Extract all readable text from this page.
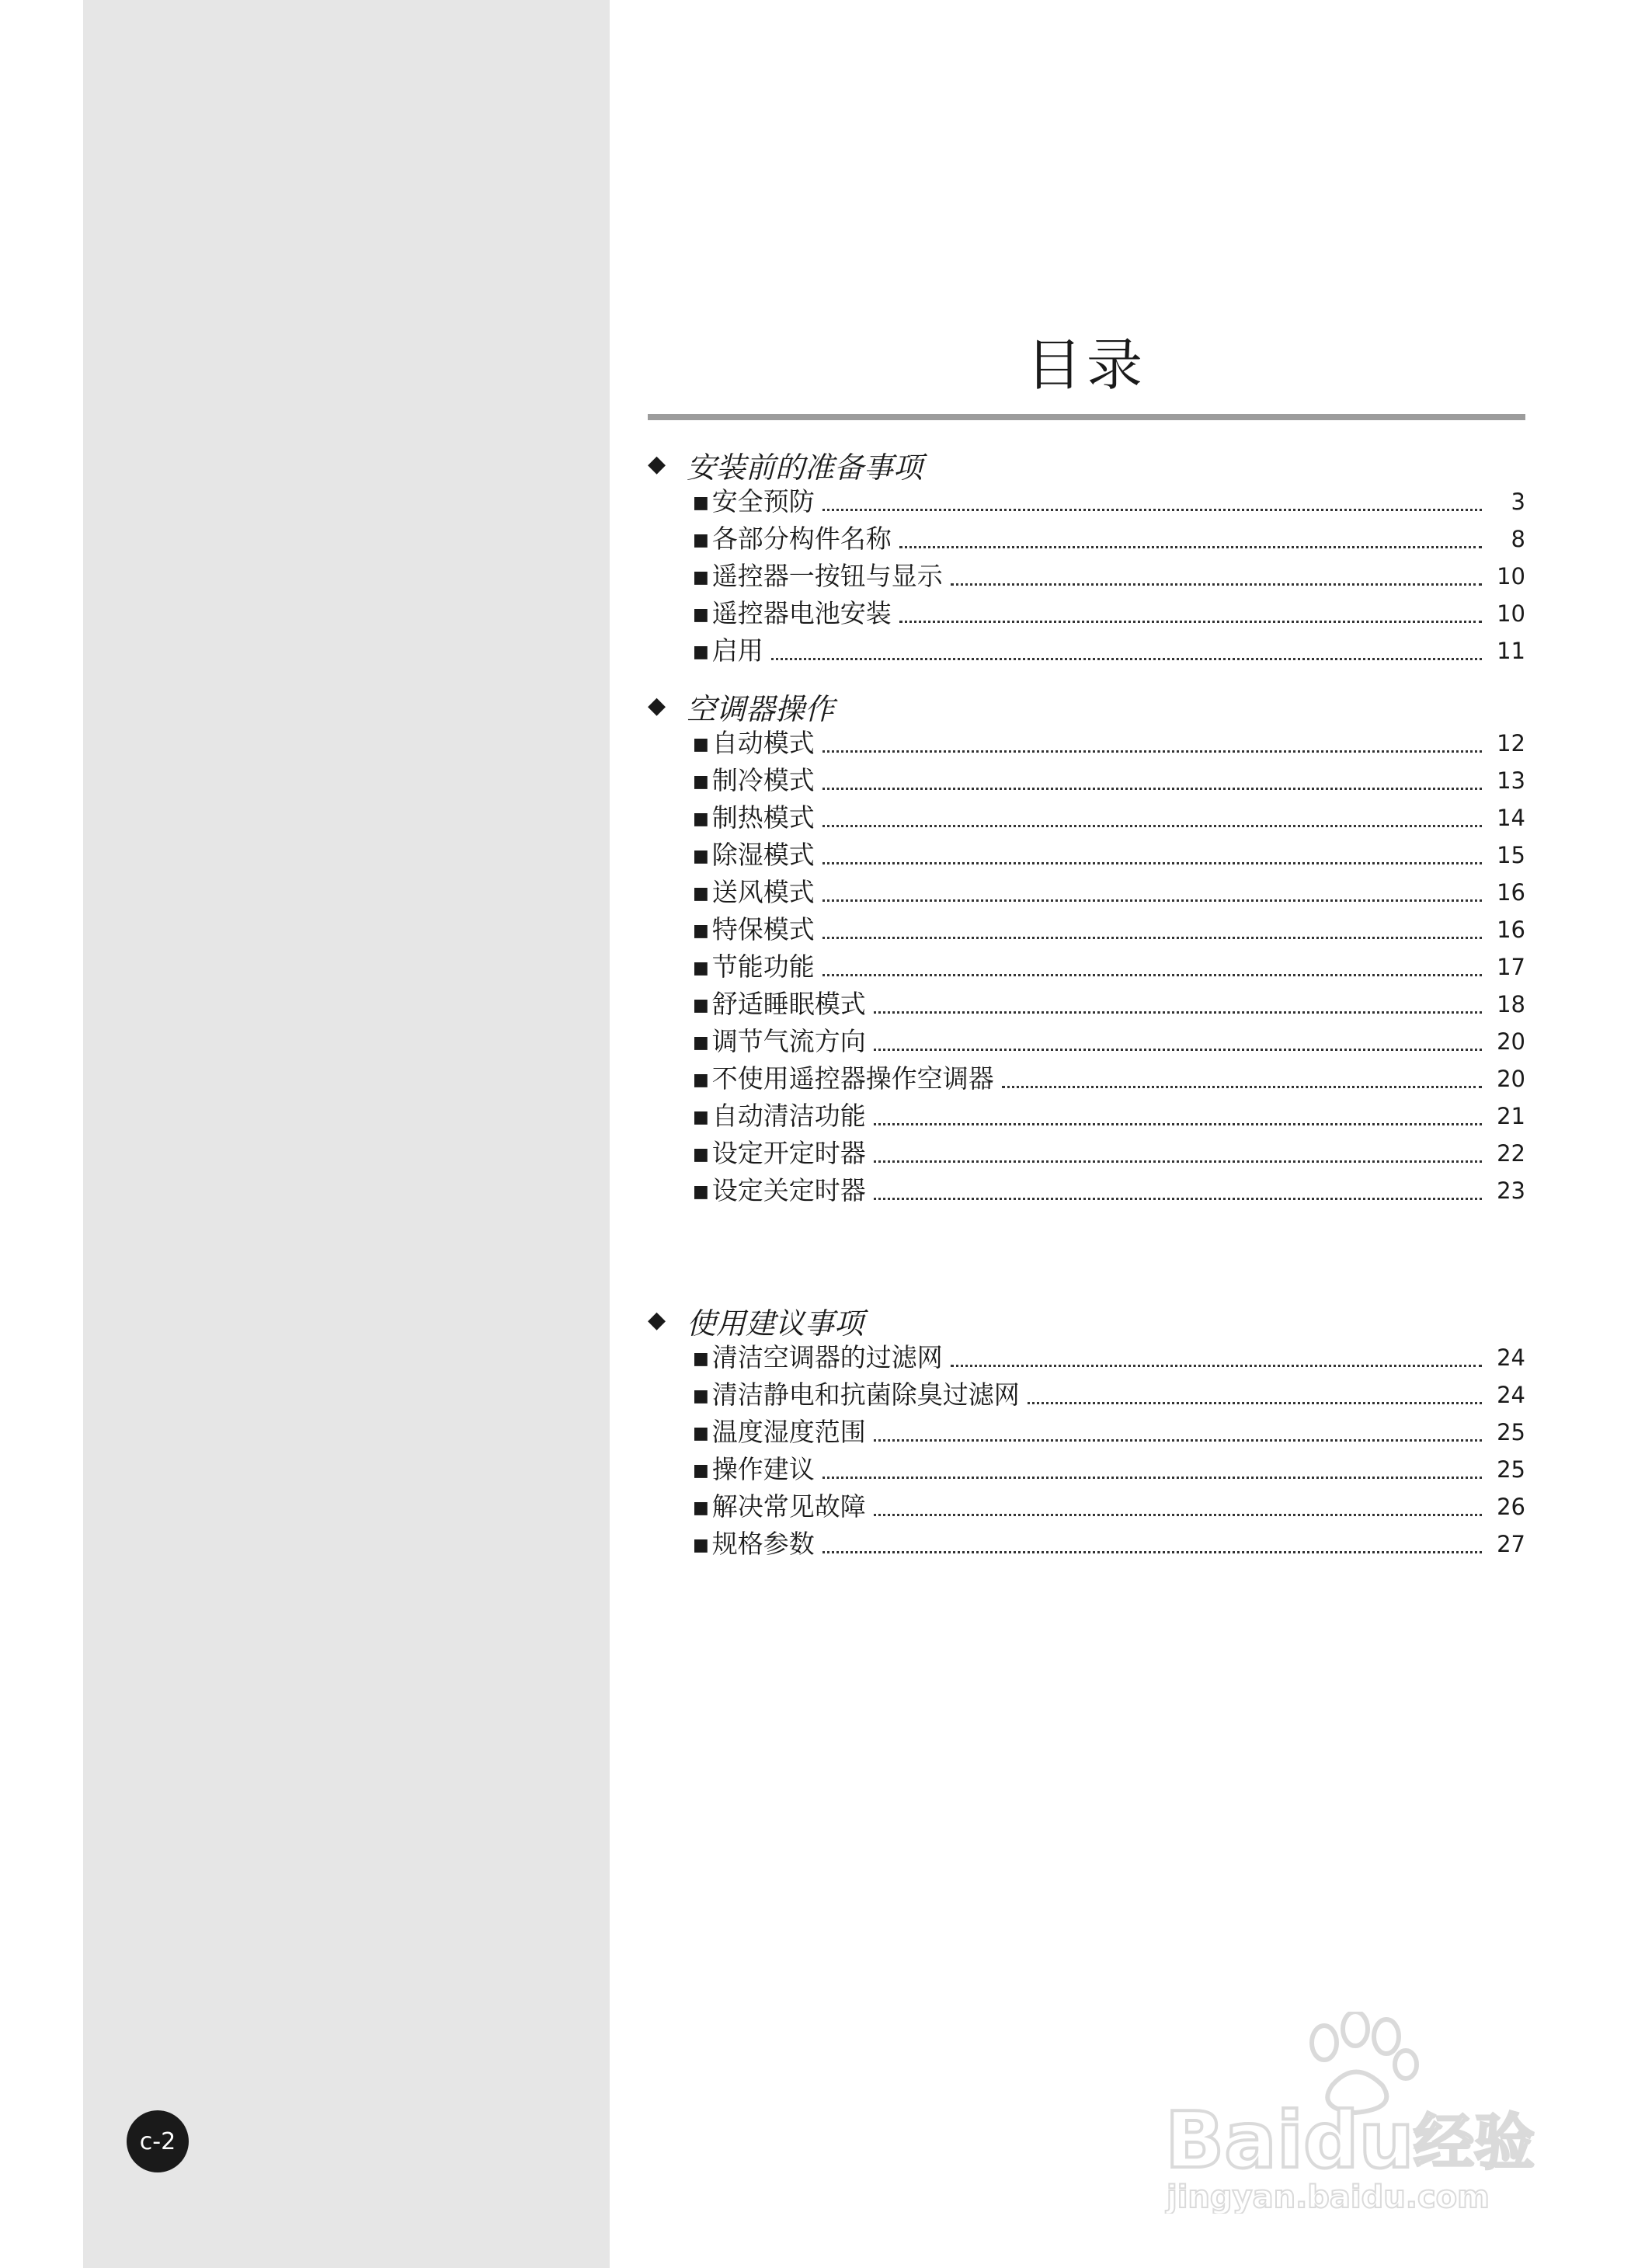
目录
◆ 安装前的准备事项
■ 安全预防	3
■ 各部分构件名称	8
■ 遥控器一按钮与显示	10
■ 遥控器电池安装	10
■ 启用	11
◆ 空调器操作
■ 自动模式	12
■ 制冷模式	13
■ 制热模式	14
■ 除湿模式	15
■ 送风模式	16
■ 特保模式	16
■ 节能功能	17
■ 舒适睡眠模式	18
■ 调节气流方向	20
■ 不使用遥控器操作空调器	20
■ 自动清洁功能	21
■ 设定开定时器	22
■ 设定关定时器	23
◆ 使用建议事项
■ 清洁空调器的过滤网	24
■ 清洁静电和抗菌除臭过滤网	24
■ 温度湿度范围	25
■ 操作建议	25
■ 解决常见故障	26
■ 规格参数	27
c-2	Baidu 经验
jingyan.baidu.com
